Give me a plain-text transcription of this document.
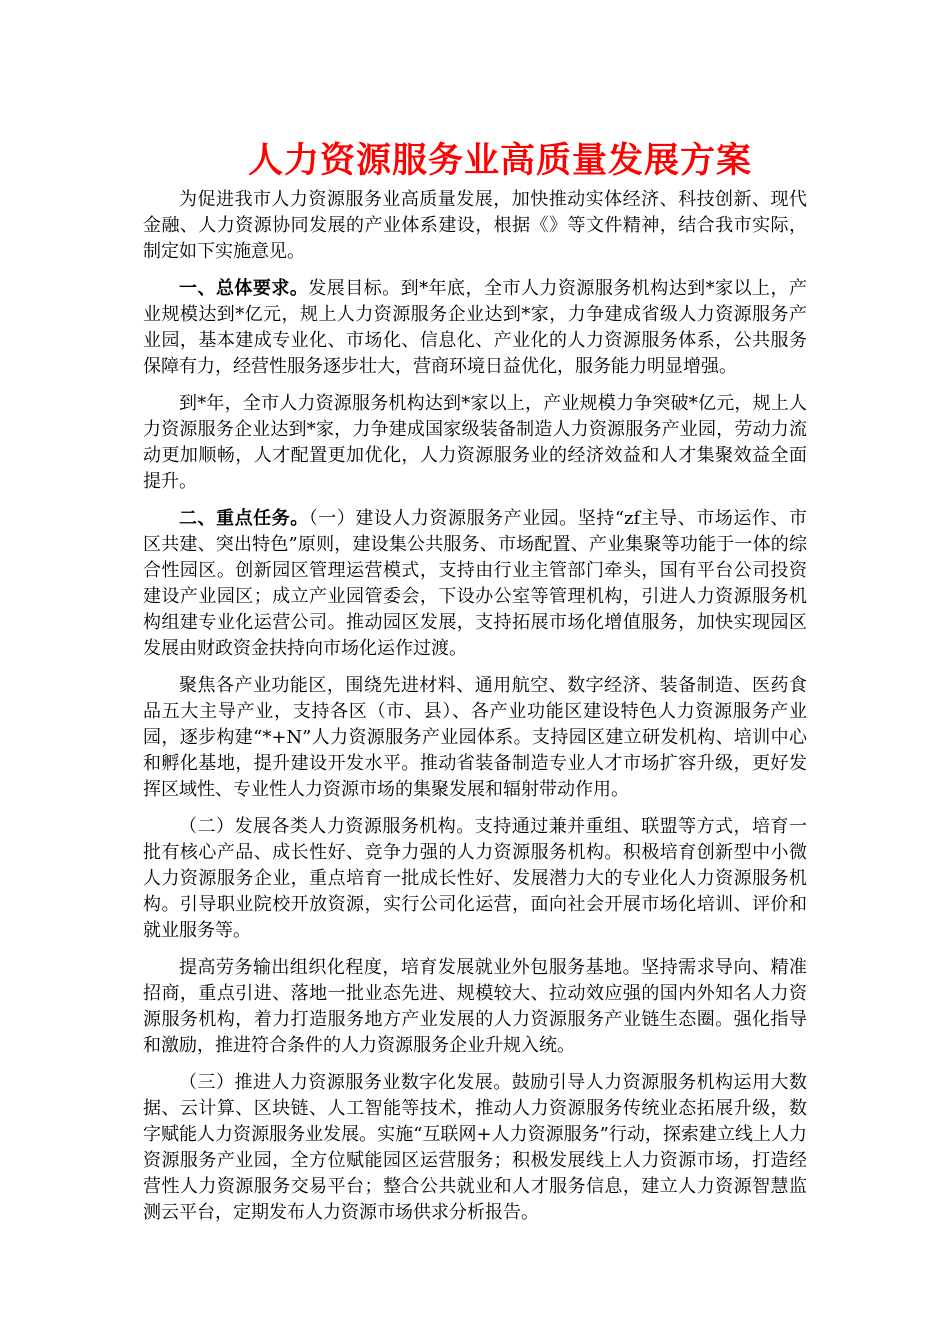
人力资源服务业高质量发展方案

为促进我市人力资源服务业高质量发展，加快推动实体经济、科技创新、现代金融、人力资源协同发展的产业体系建设，根据《》等文件精神，结合我市实际，制定如下实施意见。

一、总体要求。发展目标。到*年底，全市人力资源服务机构达到*家以上，产业规模达到*亿元，规上人力资源服务企业达到*家，力争建成省级人力资源服务产业园，基本建成专业化、市场化、信息化、产业化的人力资源服务体系，公共服务保障有力，经营性服务逐步壮大，营商环境日益优化，服务能力明显增强。

到*年，全市人力资源服务机构达到*家以上，产业规模力争突破*亿元，规上人力资源服务企业达到*家，力争建成国家级装备制造人力资源服务产业园，劳动力流动更加顺畅，人才配置更加优化，人力资源服务业的经济效益和人才集聚效益全面提升。

二、重点任务。（一）建设人力资源服务产业园。坚持“zf主导、市场运作、市区共建、突出特色”原则，建设集公共服务、市场配置、产业集聚等功能于一体的综合性园区。创新园区管理运营模式，支持由行业主管部门牵头，国有平台公司投资建设产业园区；成立产业园管委会，下设办公室等管理机构，引进人力资源服务机构组建专业化运营公司。推动园区发展，支持拓展市场化增值服务，加快实现园区发展由财政资金扶持向市场化运作过渡。

聚焦各产业功能区，围绕先进材料、通用航空、数字经济、装备制造、医药食品五大主导产业，支持各区（市、县）、各产业功能区建设特色人力资源服务产业园，逐步构建“*+N”人力资源服务产业园体系。支持园区建立研发机构、培训中心和孵化基地，提升建设开发水平。推动省装备制造专业人才市场扩容升级，更好发挥区域性、专业性人力资源市场的集聚发展和辐射带动作用。

（二）发展各类人力资源服务机构。支持通过兼并重组、联盟等方式，培育一批有核心产品、成长性好、竞争力强的人力资源服务机构。积极培育创新型中小微人力资源服务企业，重点培育一批成长性好、发展潜力大的专业化人力资源服务机构。引导职业院校开放资源，实行公司化运营，面向社会开展市场化培训、评价和就业服务等。

提高劳务输出组织化程度，培育发展就业外包服务基地。坚持需求导向、精准招商，重点引进、落地一批业态先进、规模较大、拉动效应强的国内外知名人力资源服务机构，着力打造服务地方产业发展的人力资源服务产业链生态圈。强化指导和激励，推进符合条件的人力资源服务企业升规入统。

（三）推进人力资源服务业数字化发展。鼓励引导人力资源服务机构运用大数据、云计算、区块链、人工智能等技术，推动人力资源服务传统业态拓展升级，数字赋能人力资源服务业发展。实施“互联网+人力资源服务”行动，探索建立线上人力资源服务产业园，全方位赋能园区运营服务；积极发展线上人力资源市场，打造经营性人力资源服务交易平台；整合公共就业和人才服务信息，建立人力资源智慧监测云平台，定期发布人力资源市场供求分析报告。
